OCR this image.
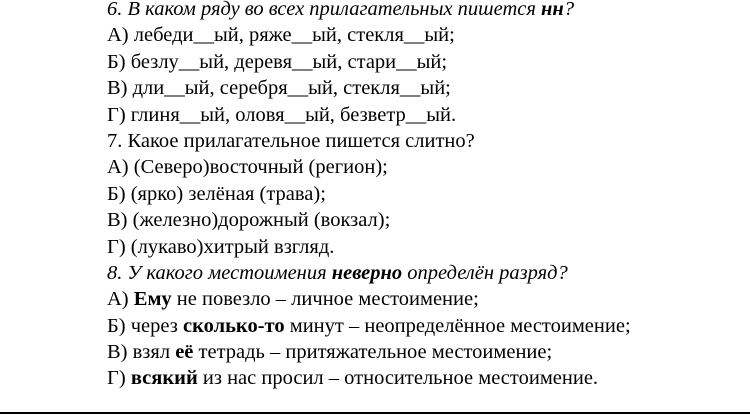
6. В каком ряду во всех прилагательных пишется нн?
А) лебеди__ый, ряже__ый, стекля__ый;
Б) безлу__ый, деревя__ый, стари__ый;
В) дли__ый, серебря__ый, стекля__ый;
Г) глиня__ый, оловя__ый, безветр__ый.
7. Какое прилагательное пишется слитно?
А) (Северо)восточный (регион);
Б) (ярко) зелёная (трава);
В) (железно)дорожный (вокзал);
Г) (лукаво)хитрый взгляд.
8. У какого местоимения неверно определён разряд?
А) Ему не повезло – личное местоимение;
Б) через сколько-то минут – неопределённое местоимение;
В) взял её тетрадь – притяжательное местоимение;
Г) всякий из нас просил – относительное местоимение.
